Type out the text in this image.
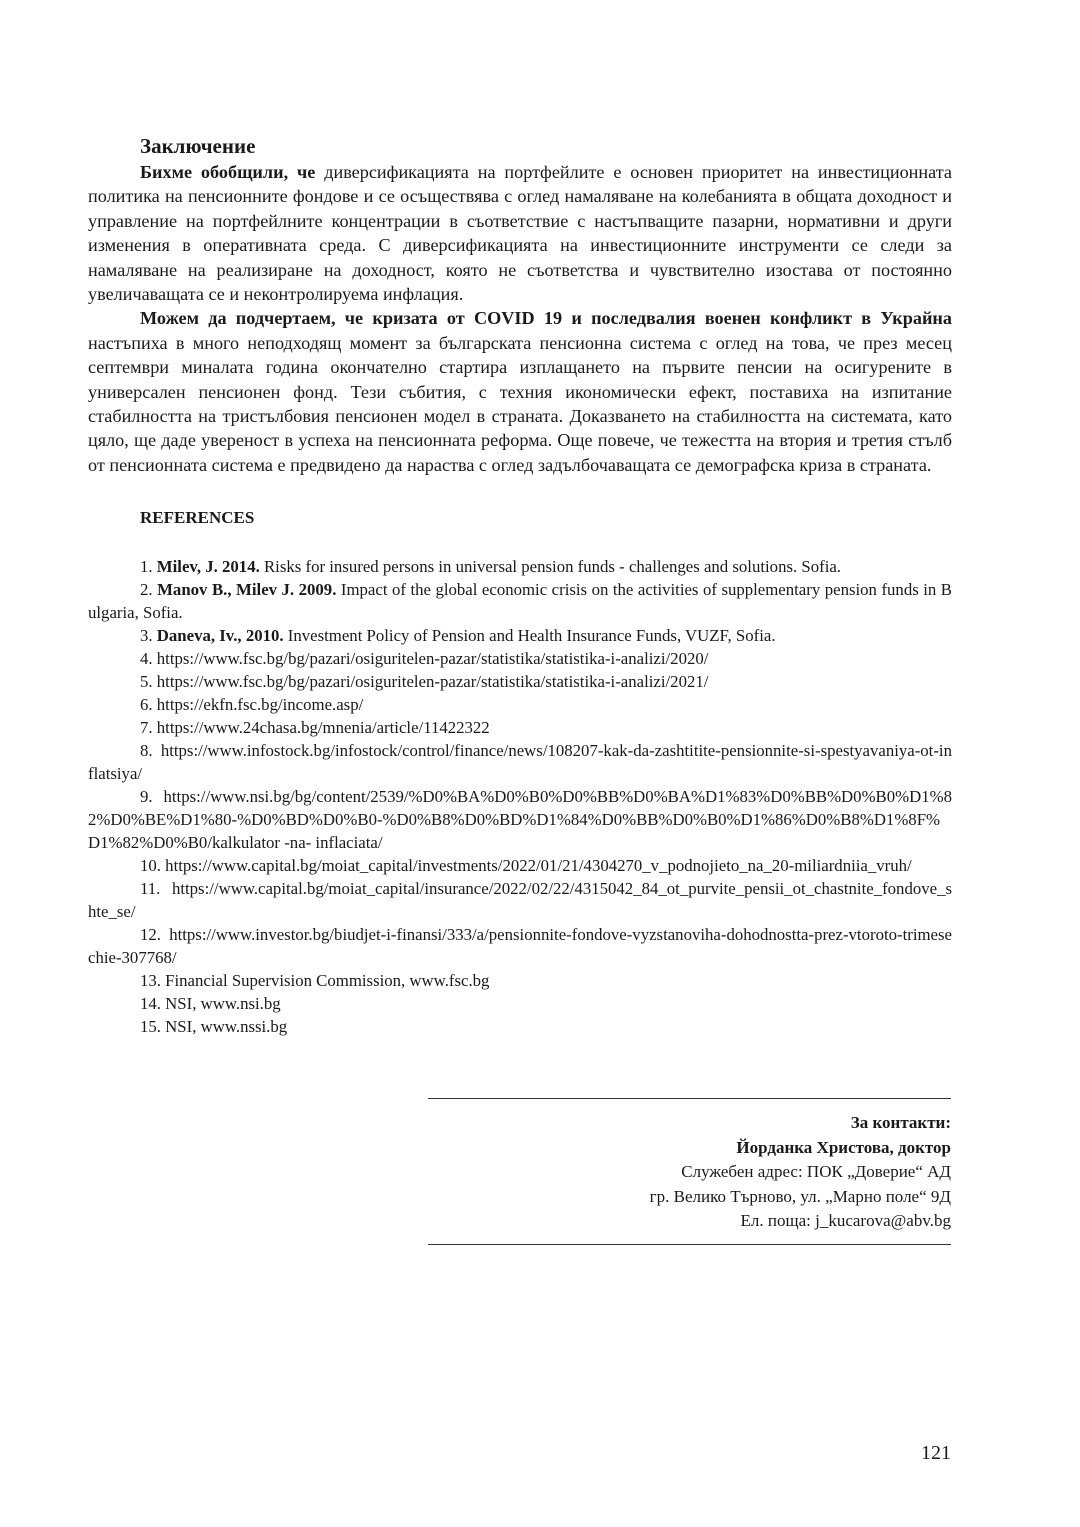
Заключение

Бихме обобщили, че диверсификацията на портфейлите е основен приоритет на инвестиционната политика на пенсионните фондове и се осъществява с оглед намаляване на колебанията в общата доходност и управление на портфейлните концентрации в съответствие с настъпващите пазарни, нормативни и други изменения в оперативната среда. С диверсификацията на инвестиционните инструменти се следи за намаляване на реализиране на доходност, която не съответства и чувствително изостава от постоянно увеличаващата се и неконтролируема инфлация.

Можем да подчертаем, че кризата от COVID 19 и последвалия военен конфликт в Украйна настъпиха в много неподходящ момент за българската пенсионна система с оглед на това, че през месец септември миналата година окончателно стартира изплащането на първите пенсии на осигурените в универсален пенсионен фонд. Тези събития, с техния икономически ефект, поставиха на изпитание стабилността на тристълбовия пенсионен модел в страната. Доказването на стабилността на системата, като цяло, ще даде увереност в успеха на пенсионната реформа. Още повече, че тежестта на втория и третия стълб от пенсионната система е предвидено да нараства с оглед задълбочаващата се демографска криза в страната.

REFERENCES

1. Milev, J. 2014. Risks for insured persons in universal pension funds - challenges and solutions. Sofia.

2. Manov B., Milev J. 2009. Impact of the global economic crisis on the activities of supplementary pension funds in Bulgaria, Sofia.

3. Daneva, Iv., 2010. Investment Policy of Pension and Health Insurance Funds, VUZF, Sofia.

4. https://www.fsc.bg/bg/pazari/osiguritelen-pazar/statistika/statistika-i-analizi/2020/

5. https://www.fsc.bg/bg/pazari/osiguritelen-pazar/statistika/statistika-i-analizi/2021/

6. https://ekfn.fsc.bg/income.asp/

7. https://www.24chasa.bg/mnenia/article/11422322

8. https://www.infostock.bg/infostock/control/finance/news/108207-kak-da-zashtitite-pensionnite-si-spestyavaniya-ot-inflatsiya/

9. https://www.nsi.bg/bg/content/2539/%D0%BA%D0%B0%D0%BB%D0%BA%D1%83%D0%BB%D0%B0%D1%82%D0%BE%D1%80-%D0%BD%D0%B0-%D0%B8%D0%BD%D1%84%D0%BB%D0%B0%D1%86%D0%B8%D1%8F%D1%82%D0%B0/kalkulator -na- inflaciata/

10. https://www.capital.bg/moiat_capital/investments/2022/01/21/4304270_v_podnojieto_na_20-miliardniia_vruh/

11. https://www.capital.bg/moiat_capital/insurance/2022/02/22/4315042_84_ot_purvite_pensii_ot_chastnite_fondove_shte_se/

12. https://www.investor.bg/biudjet-i-finansi/333/a/pensionnite-fondove-vyzstanoviha-dohodnostta-prez-vtoroto-trimesechie-307768/

13. Financial Supervision Commission, www.fsc.bg

14. NSI, www.nsi.bg

15. NSI, www.nssi.bg

За контакти:
Йорданка Христова, доктор
Служебен адрес: ПОК „Доверие“ АД
гр. Велико Търново, ул. „Марно поле“ 9Д
Ел. поща: j_kucarova@abv.bg
121
